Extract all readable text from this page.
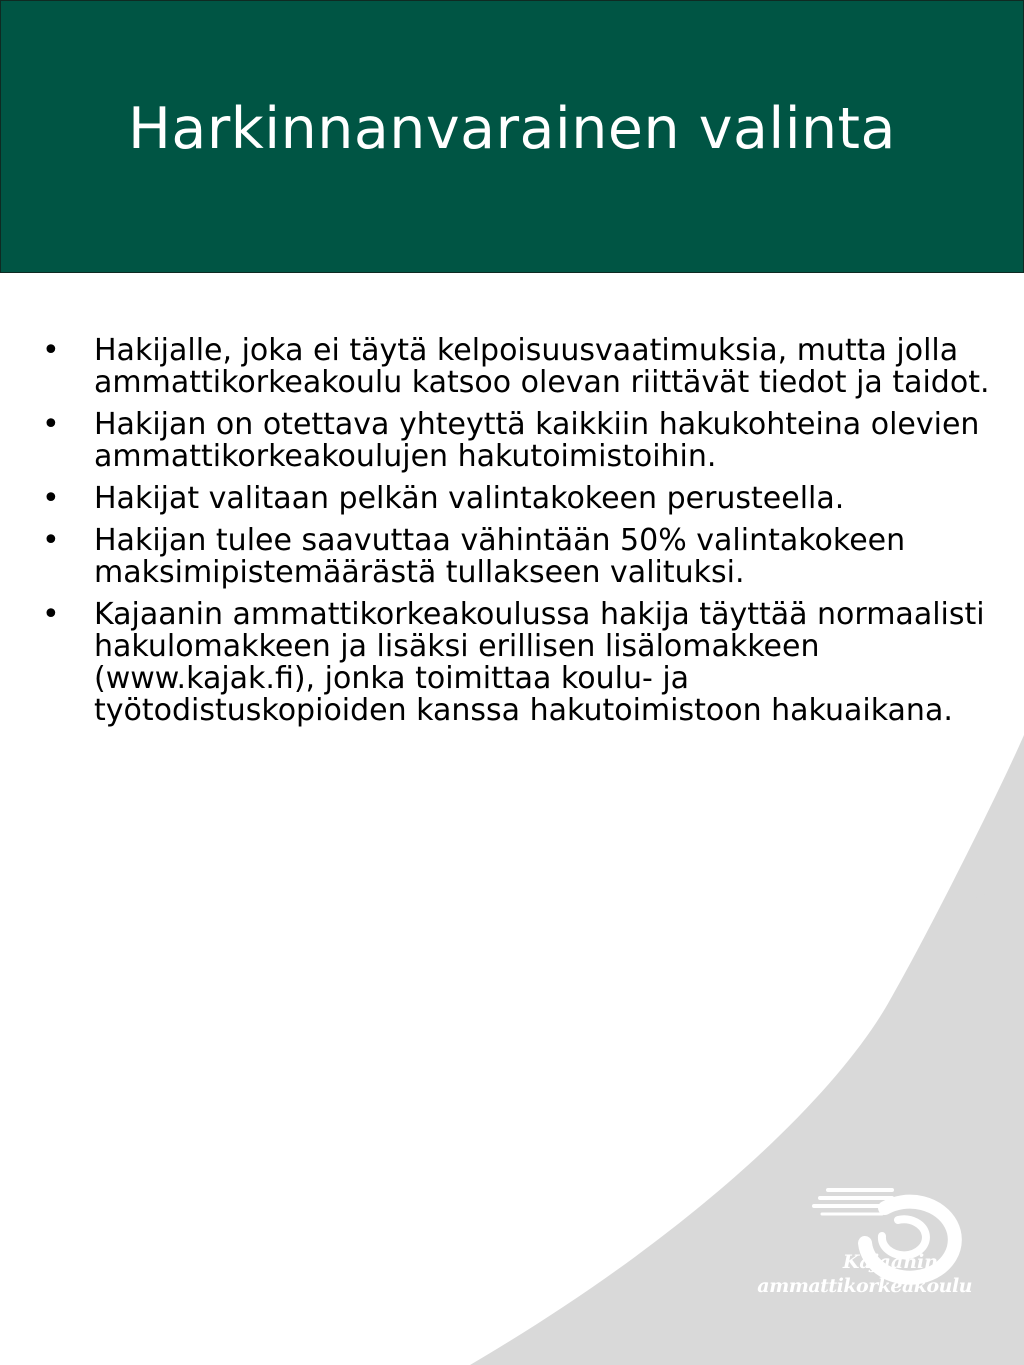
Harkinnanvarainen valinta
• Hakijalle, joka ei täytä kelpoisuusvaatimuksia, mutta jolla ammattikorkeakoulu katsoo olevan riittävät tiedot ja taidot.
• Hakijan on otettava yhteyttä kaikkiin hakukohteina olevien ammattikorkeakoulujen hakutoimistoihin.
• Hakijat valitaan pelkän valintakokeen perusteella.
• Hakijan tulee saavuttaa vähintään 50% valintakokeen maksimipistemäärästä tullakseen valituksi.
• Kajaanin ammattikorkeakoulussa hakija täyttää normaalisti hakulomakkeen ja lisäksi erillisen lisälomakkeen (www.kajak.fi), jonka toimittaa koulu- ja työtodistuskopioiden kanssa hakutoimistoon hakuaikana.
Kajaanin
ammattikorkeakoulu
